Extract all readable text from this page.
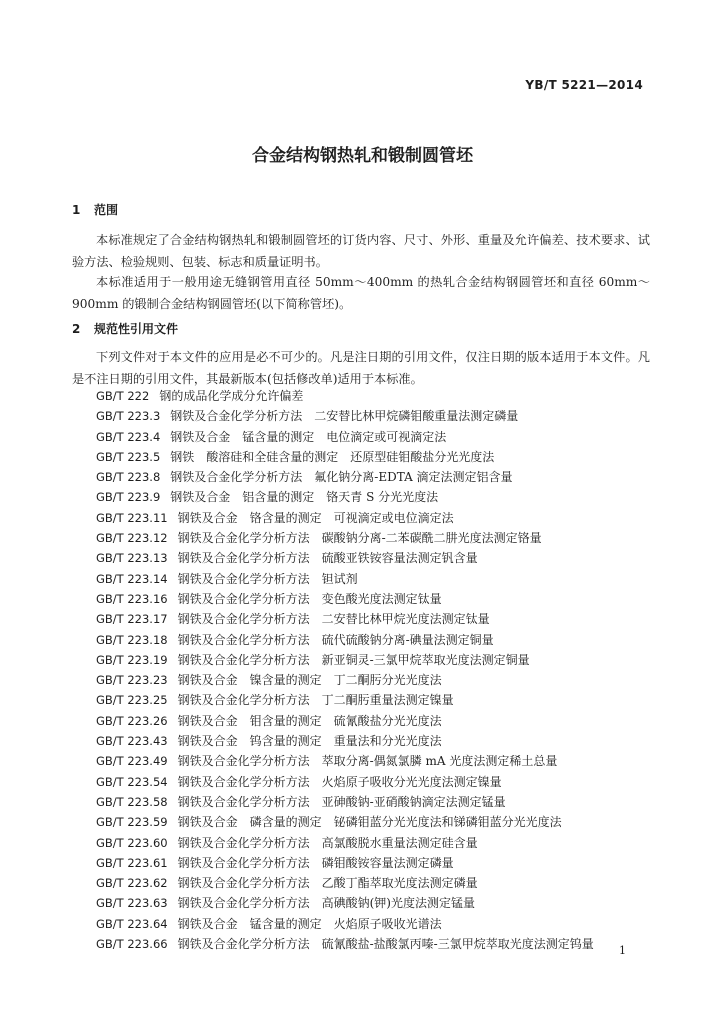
YB/T 5221—2014
合金结构钢热轧和锻制圆管坯
1 范围

本标准规定了合金结构钢热轧和锻制圆管坯的订货内容、尺寸、外形、重量及允许偏差、技术要求、试验方法、检验规则、包装、标志和质量证明书。

本标准适用于一般用途无缝钢管用直径 50mm～400mm 的热轧合金结构钢圆管坯和直径 60mm～900mm 的锻制合金结构钢圆管坯(以下简称管坯)。

2 规范性引用文件

下列文件对于本文件的应用是必不可少的。凡是注日期的引用文件，仅注日期的版本适用于本文件。凡是不注日期的引用文件，其最新版本(包括修改单)适用于本标准。

GB/T 222 钢的成品化学成分允许偏差
GB/T 223.3 钢铁及合金化学分析方法　二安替比林甲烷磷钼酸重量法测定磷量
GB/T 223.4 钢铁及合金　锰含量的测定　电位滴定或可视滴定法
GB/T 223.5 钢铁　酸溶硅和全硅含量的测定　还原型硅钼酸盐分光光度法
GB/T 223.8 钢铁及合金化学分析方法　氟化钠分离-EDTA 滴定法测定铝含量
GB/T 223.9 钢铁及合金　铝含量的测定　铬天青 S 分光光度法
GB/T 223.11 钢铁及合金　铬含量的测定　可视滴定或电位滴定法
GB/T 223.12 钢铁及合金化学分析方法　碳酸钠分离-二苯碳酰二肼光度法测定铬量
GB/T 223.13 钢铁及合金化学分析方法　硫酸亚铁铵容量法测定钒含量
GB/T 223.14 钢铁及合金化学分析方法　钽试剂
GB/T 223.16 钢铁及合金化学分析方法　变色酸光度法测定钛量
GB/T 223.17 钢铁及合金化学分析方法　二安替比林甲烷光度法测定钛量
GB/T 223.18 钢铁及合金化学分析方法　硫代硫酸钠分离-碘量法测定铜量
GB/T 223.19 钢铁及合金化学分析方法　新亚铜灵-三氯甲烷萃取光度法测定铜量
GB/T 223.23 钢铁及合金　镍含量的测定　丁二酮肟分光光度法
GB/T 223.25 钢铁及合金化学分析方法　丁二酮肟重量法测定镍量
GB/T 223.26 钢铁及合金　钼含量的测定　硫氰酸盐分光光度法
GB/T 223.43 钢铁及合金　钨含量的测定　重量法和分光光度法
GB/T 223.49 钢铁及合金化学分析方法　萃取分离-偶氮氯膦 mA 光度法测定稀土总量
GB/T 223.54 钢铁及合金化学分析方法　火焰原子吸收分光光度法测定镍量
GB/T 223.58 钢铁及合金化学分析方法　亚砷酸钠-亚硝酸钠滴定法测定锰量
GB/T 223.59 钢铁及合金　磷含量的测定　铋磷钼蓝分光光度法和锑磷钼蓝分光光度法
GB/T 223.60 钢铁及合金化学分析方法　高氯酸脱水重量法测定硅含量
GB/T 223.61 钢铁及合金化学分析方法　磷钼酸铵容量法测定磷量
GB/T 223.62 钢铁及合金化学分析方法　乙酸丁酯萃取光度法测定磷量
GB/T 223.63 钢铁及合金化学分析方法　高碘酸钠(钾)光度法测定锰量
GB/T 223.64 钢铁及合金　锰含量的测定　火焰原子吸收光谱法
GB/T 223.66 钢铁及合金化学分析方法　硫氰酸盐-盐酸氯丙嗪-三氯甲烷萃取光度法测定钨量 1
